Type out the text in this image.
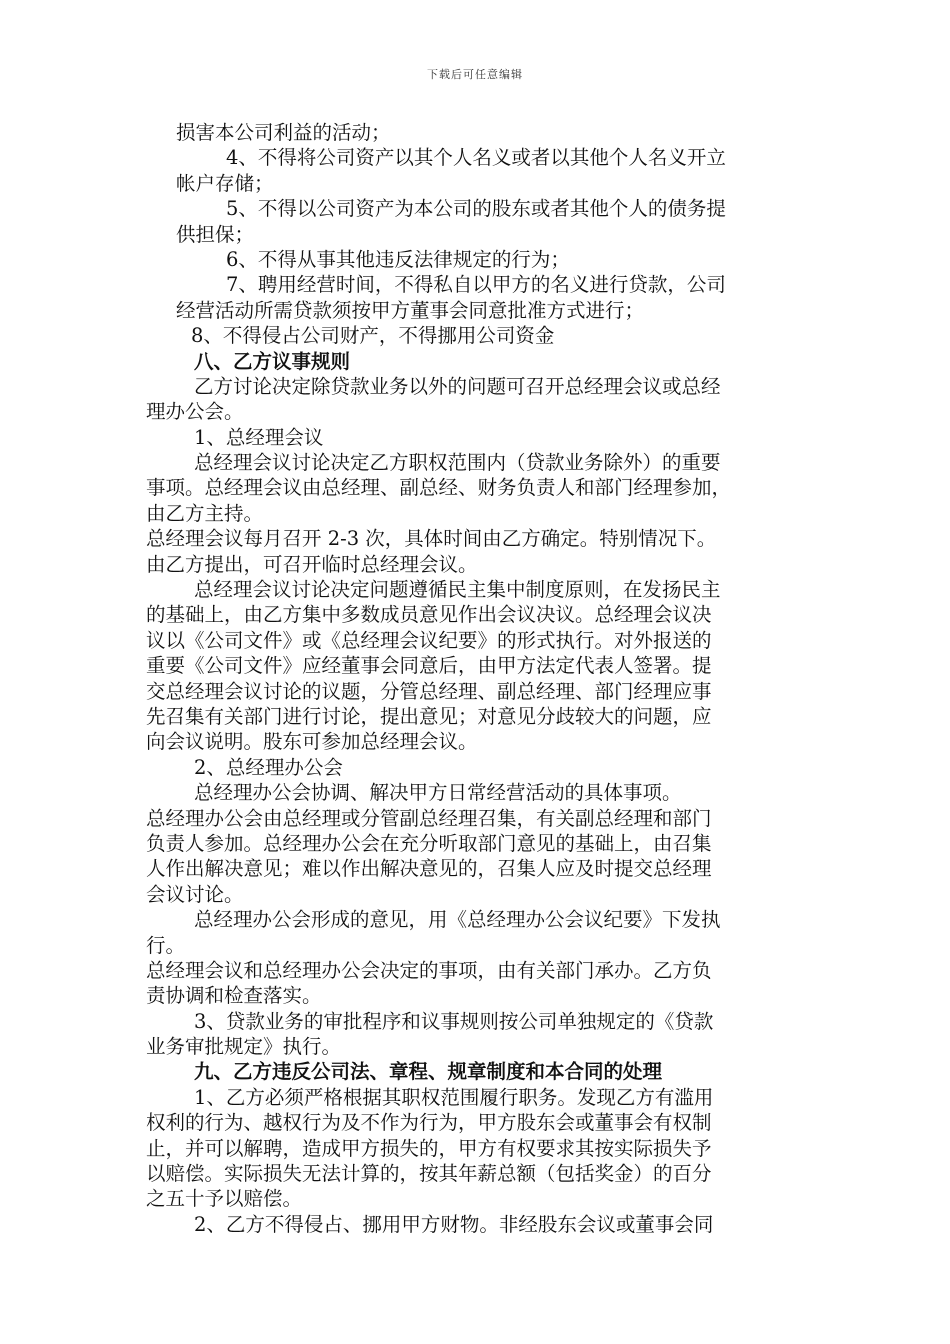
下载后可任意编辑
损害本公司利益的活动；
4、不得将公司资产以其个人名义或者以其他个人名义开立
帐户存储；
5、不得以公司资产为本公司的股东或者其他个人的债务提
供担保；
6、不得从事其他违反法律规定的行为；
7、聘用经营时间，不得私自以甲方的名义进行贷款，公司
经营活动所需贷款须按甲方董事会同意批准方式进行；
8、不得侵占公司财产，不得挪用公司资金
八、乙方议事规则
乙方讨论决定除贷款业务以外的问题可召开总经理会议或总经
理办公会。
1、总经理会议
总经理会议讨论决定乙方职权范围内（贷款业务除外）的重要
事项。总经理会议由总经理、副总经、财务负责人和部门经理参加，
由乙方主持。
总经理会议每月召开 2-3 次，具体时间由乙方确定。特别情况下。
由乙方提出，可召开临时总经理会议。
总经理会议讨论决定问题遵循民主集中制度原则，在发扬民主
的基础上，由乙方集中多数成员意见作出会议决议。总经理会议决
议以《公司文件》或《总经理会议纪要》的形式执行。对外报送的
重要《公司文件》应经董事会同意后，由甲方法定代表人签署。提
交总经理会议讨论的议题，分管总经理、副总经理、部门经理应事
先召集有关部门进行讨论，提出意见；对意见分歧较大的问题，应
向会议说明。股东可参加总经理会议。
2、总经理办公会
总经理办公会协调、解决甲方日常经营活动的具体事项。
总经理办公会由总经理或分管副总经理召集，有关副总经理和部门
负责人参加。总经理办公会在充分听取部门意见的基础上，由召集
人作出解决意见；难以作出解决意见的，召集人应及时提交总经理
会议讨论。
总经理办公会形成的意见，用《总经理办公会议纪要》下发执
行。
总经理会议和总经理办公会决定的事项，由有关部门承办。乙方负
责协调和检查落实。
3、贷款业务的审批程序和议事规则按公司单独规定的《贷款
业务审批规定》执行。
九、乙方违反公司法、章程、规章制度和本合同的处理
1、乙方必须严格根据其职权范围履行职务。发现乙方有滥用
权利的行为、越权行为及不作为行为，甲方股东会或董事会有权制
止，并可以解聘，造成甲方损失的，甲方有权要求其按实际损失予
以赔偿。实际损失无法计算的，按其年薪总额（包括奖金）的百分
之五十予以赔偿。
2、乙方不得侵占、挪用甲方财物。非经股东会议或董事会同
